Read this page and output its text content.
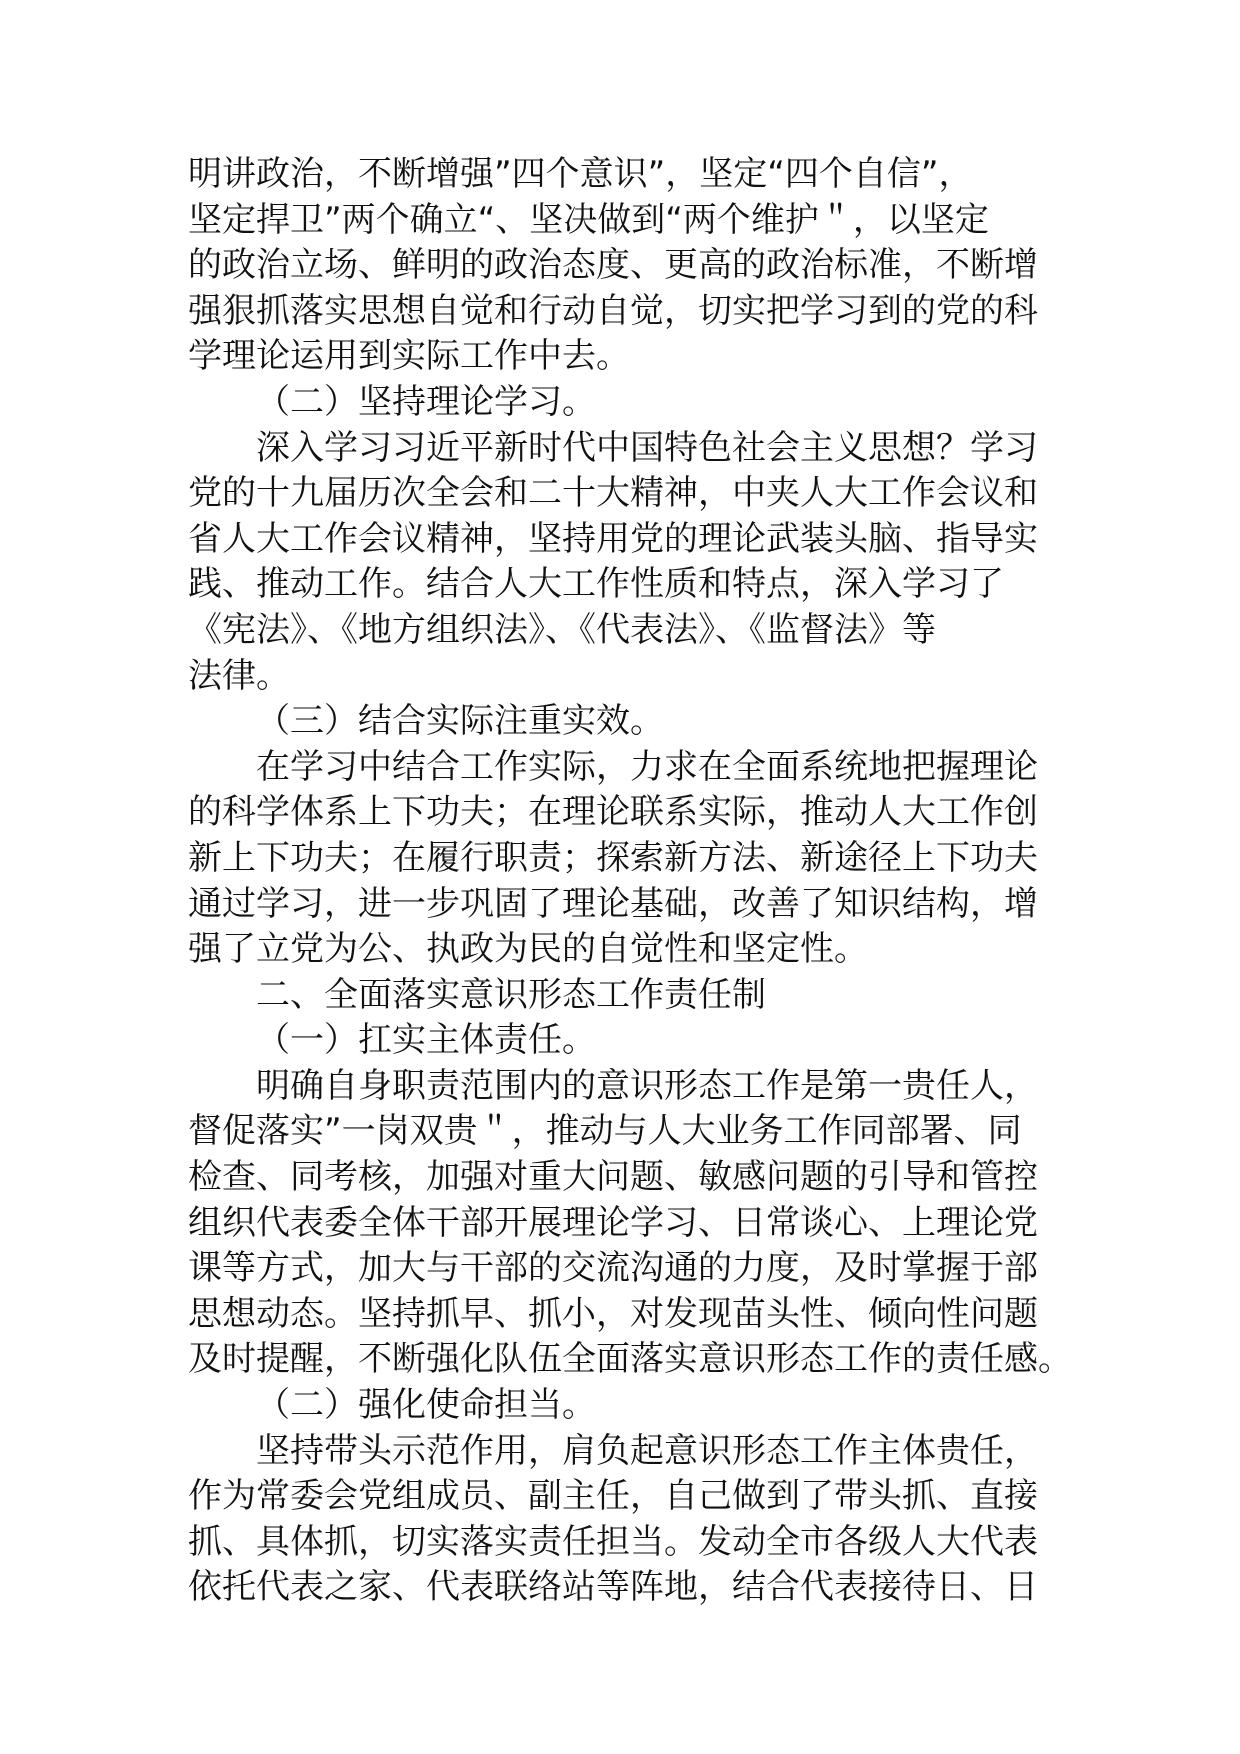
明讲政治，不断增强”四个意识”，坚定“四个自信”，
坚定捍卫”两个确立“、坚决做到“两个维护＂，以坚定
的政治立场、鲜明的政治态度、更高的政治标准，不断增
强狠抓落实思想自觉和行动自觉，切实把学习到的党的科
学理论运用到实际工作中去。
（二）坚持理论学习。
深入学习习近平新时代中国特色社会主义思想？学习
党的十九届历次全会和二十大精神，中夹人大工作会议和
省人大工作会议精神，坚持用党的理论武装头脑、指导实
践、推动工作。结合人大工作性质和特点，深入学习了
《宪法》、《地方组织法》、《代表法》、《监督法》等
法律。
（三）结合实际注重实效。
在学习中结合工作实际，力求在全面系统地把握理论
的科学体系上下功夫；在理论联系实际，推动人大工作创
新上下功夫；在履行职责；探索新方法、新途径上下功夫
通过学习，进一步巩固了理论基础，改善了知识结构，增
强了立党为公、执政为民的自觉性和坚定性。
二、全面落实意识形态工作责任制
（一）扛实主体责任。
明确自身职责范围内的意识形态工作是第一贵任人，
督促落实”一岗双贵＂，推动与人大业务工作同部署、同
检查、同考核，加强对重大问题、敏感问题的引导和管控
组织代表委全体干部开展理论学习、日常谈心、上理论党
课等方式，加大与干部的交流沟通的力度，及时掌握于部
思想动态。坚持抓早、抓小，对发现苗头性、倾向性问题
及时提醒，不断强化队伍全面落实意识形态工作的责任感。
（二）强化使命担当。
坚持带头示范作用，肩负起意识形态工作主体贵任，
作为常委会党组成员、副主任，自己做到了带头抓、直接
抓、具体抓，切实落实责任担当。发动全市各级人大代表
依托代表之家、代表联络站等阵地，结合代表接待日、日
